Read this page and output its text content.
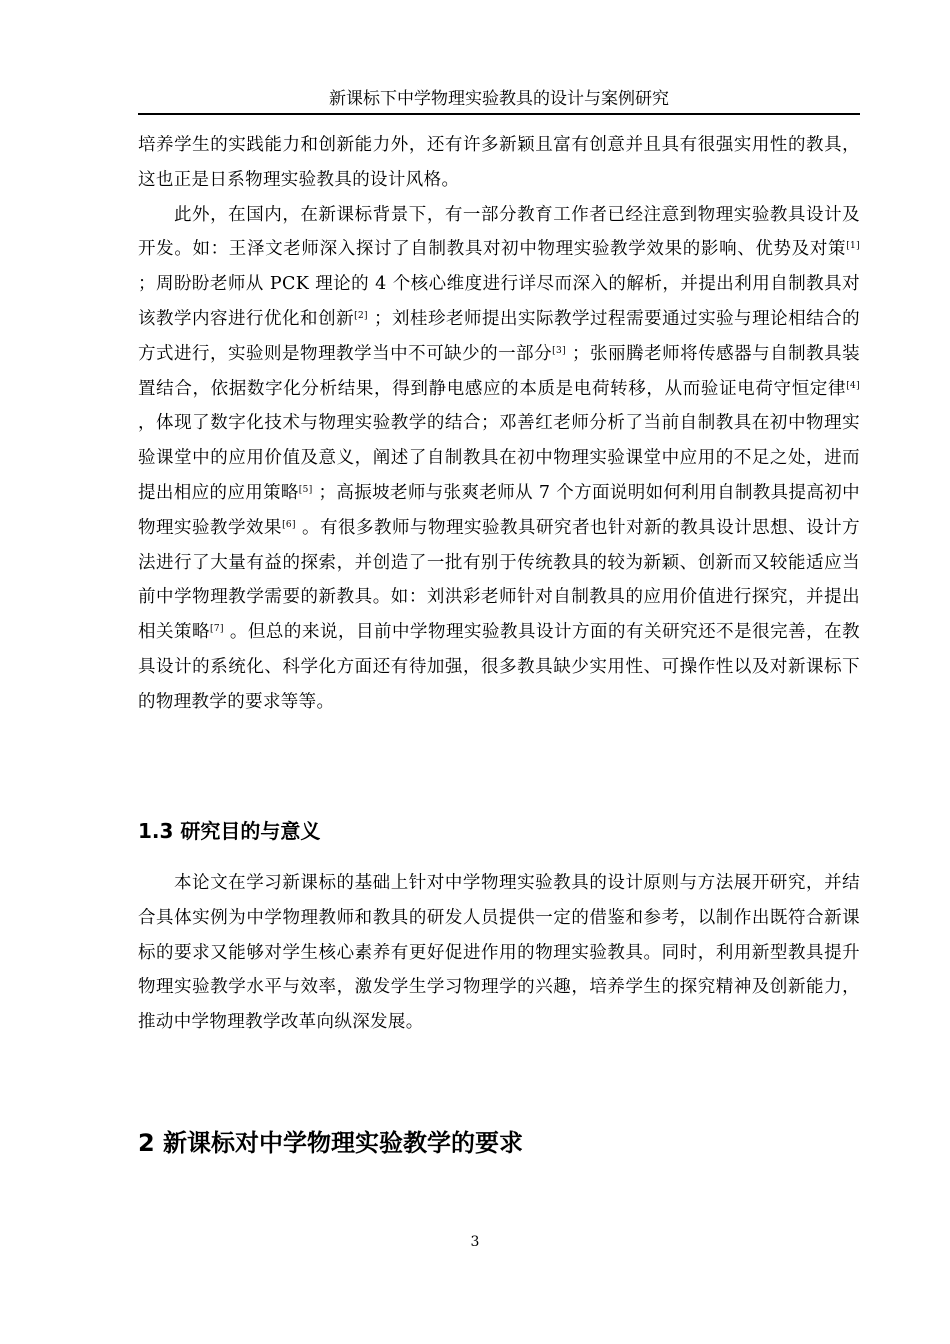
新课标下中学物理实验教具的设计与案例研究

培养学生的实践能力和创新能力外，还有许多新颖且富有创意并且具有很强实用性的教具，这也正是日系物理实验教具的设计风格。

此外，在国内，在新课标背景下，有一部分教育工作者已经注意到物理实验教具设计及开发。如：王泽文老师深入探讨了自制教具对初中物理实验教学效果的影响、优势及对策[1] ；周盼盼老师从 PCK 理论的 4 个核心维度进行详尽而深入的解析，并提出利用自制教具对该教学内容进行优化和创新[2] ；刘桂珍老师提出实际教学过程需要通过实验与理论相结合的方式进行，实验则是物理教学当中不可缺少的一部分[3] ；张丽腾老师将传感器与自制教具装置结合，依据数字化分析结果，得到静电感应的本质是电荷转移，从而验证电荷守恒定律[4] ，体现了数字化技术与物理实验教学的结合；邓善红老师分析了当前自制教具在初中物理实验课堂中的应用价值及意义，阐述了自制教具在初中物理实验课堂中应用的不足之处，进而提出相应的应用策略[5] ；高振坡老师与张爽老师从 7 个方面说明如何利用自制教具提高初中物理实验教学效果[6] 。有很多教师与物理实验教具研究者也针对新的教具设计思想、设计方法进行了大量有益的探索，并创造了一批有别于传统教具的较为新颖、创新而又较能适应当前中学物理教学需要的新教具。如：刘洪彩老师针对自制教具的应用价值进行探究，并提出相关策略[7] 。但总的来说，目前中学物理实验教具设计方面的有关研究还不是很完善，在教具设计的系统化、科学化方面还有待加强，很多教具缺少实用性、可操作性以及对新课标下的物理教学的要求等等。

1.3 研究目的与意义

本论文在学习新课标的基础上针对中学物理实验教具的设计原则与方法展开研究，并结合具体实例为中学物理教师和教具的研发人员提供一定的借鉴和参考，以制作出既符合新课标的要求又能够对学生核心素养有更好促进作用的物理实验教具。同时，利用新型教具提升物理实验教学水平与效率，激发学生学习物理学的兴趣，培养学生的探究精神及创新能力，推动中学物理教学改革向纵深发展。

2 新课标对中学物理实验教学的要求
3
